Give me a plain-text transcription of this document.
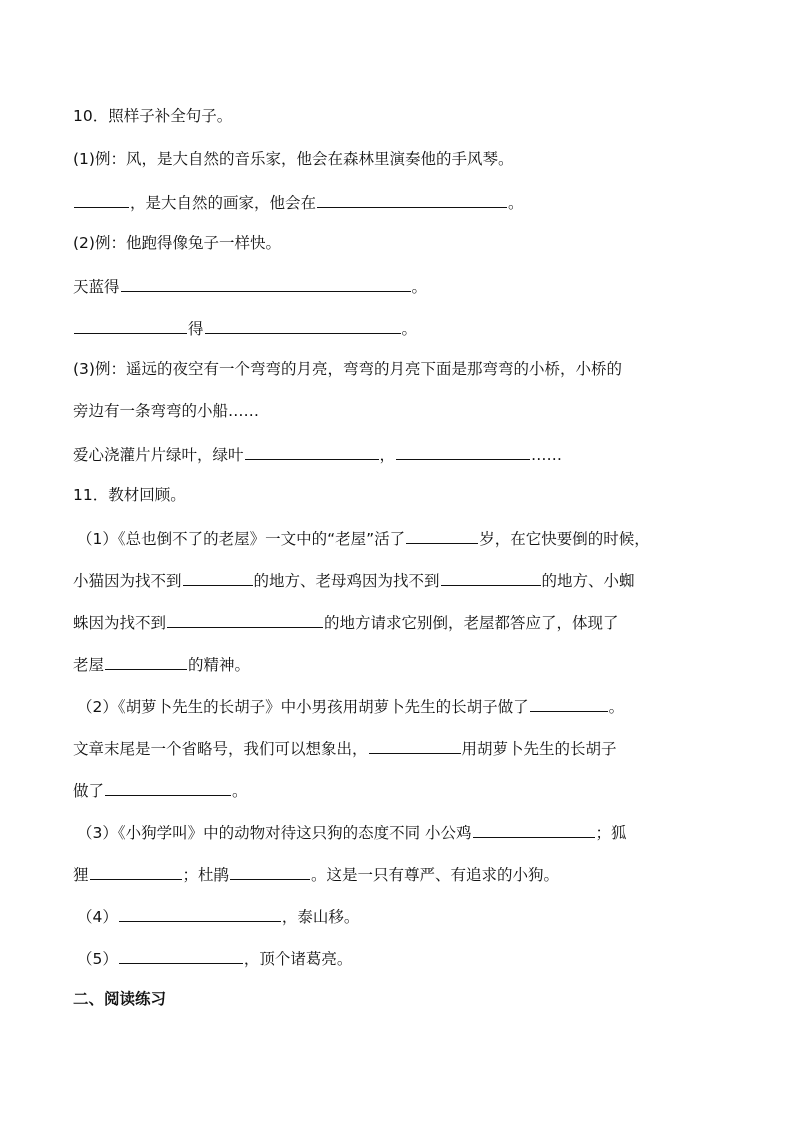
10．照样子补全句子。
(1)例：风，是大自然的音乐家，他会在森林里演奏他的手风琴。
，是大自然的画家，他会在	。
(2)例：他跑得像兔子一样快。
天蓝得	。
得	。
(3)例：遥远的夜空有一个弯弯的月亮，弯弯的月亮下面是那弯弯的小桥，小桥的
旁边有一条弯弯的小船……
爱心浇灌片片绿叶，绿叶	，	……
11．教材回顾。
（1）《总也倒不了的老屋》一文中的“老屋”活了	岁，在它快要倒的时候，
小猫因为找不到	的地方、老母鸡因为找不到	的地方、小蜘
蛛因为找不到	的地方请求它别倒，老屋都答应了，体现了
老屋	的精神。
（2）《胡萝卜先生的长胡子》中小男孩用胡萝卜先生的长胡子做了	。
文章末尾是一个省略号，我们可以想象出，	用胡萝卜先生的长胡子
做了	。
（3）《小狗学叫》中的动物对待这只狗的态度不同 小公鸡	；狐
狸	；杜鹃	。这是一只有尊严、有追求的小狗。
（4）	，泰山移。
（5）	，顶个诸葛亮。
二、阅读练习
